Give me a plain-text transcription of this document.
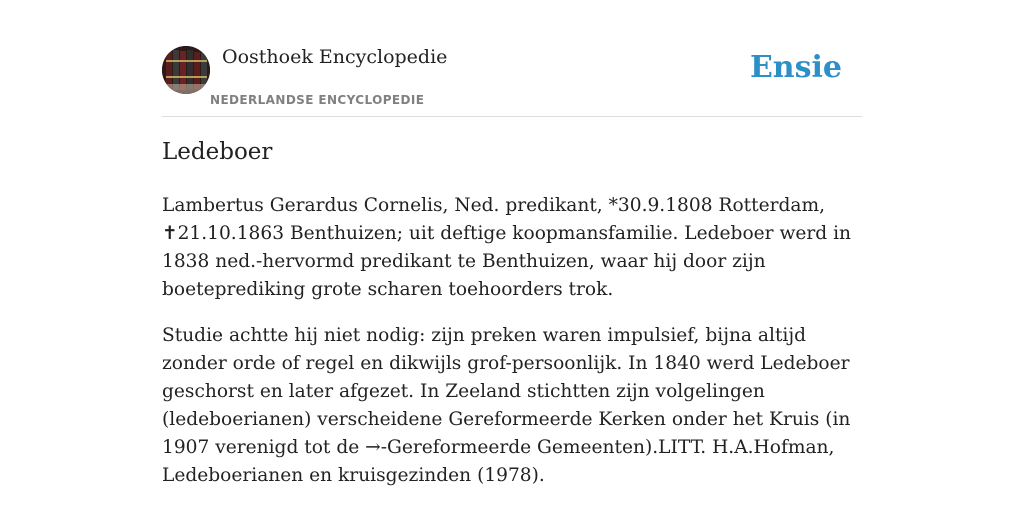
Oosthoek Encyclopedie
NEDERLANDSE ENCYCLOPEDIE
Ensie
Ledeboer

Lambertus Gerardus Cornelis, Ned. predikant, *30.9.1808 Rotterdam, ✝21.10.1863 Benthuizen; uit deftige koopmansfamilie. Ledeboer werd in 1838 ned.-hervormd predikant te Benthuizen, waar hij door zijn boeteprediking grote scharen toehoorders trok.

Studie achtte hij niet nodig: zijn preken waren impulsief, bijna altijd zonder orde of regel en dikwijls grof-persoonlijk. In 1840 werd Ledeboer geschorst en later afgezet. In Zeeland stichtten zijn volgelingen (ledeboerianen) verscheidene Gereformeerde Kerken onder het Kruis (in 1907 verenigd tot de →-Gereformeerde Gemeenten).LITT. H.A.Hofman, Ledeboerianen en kruisgezinden (1978).
